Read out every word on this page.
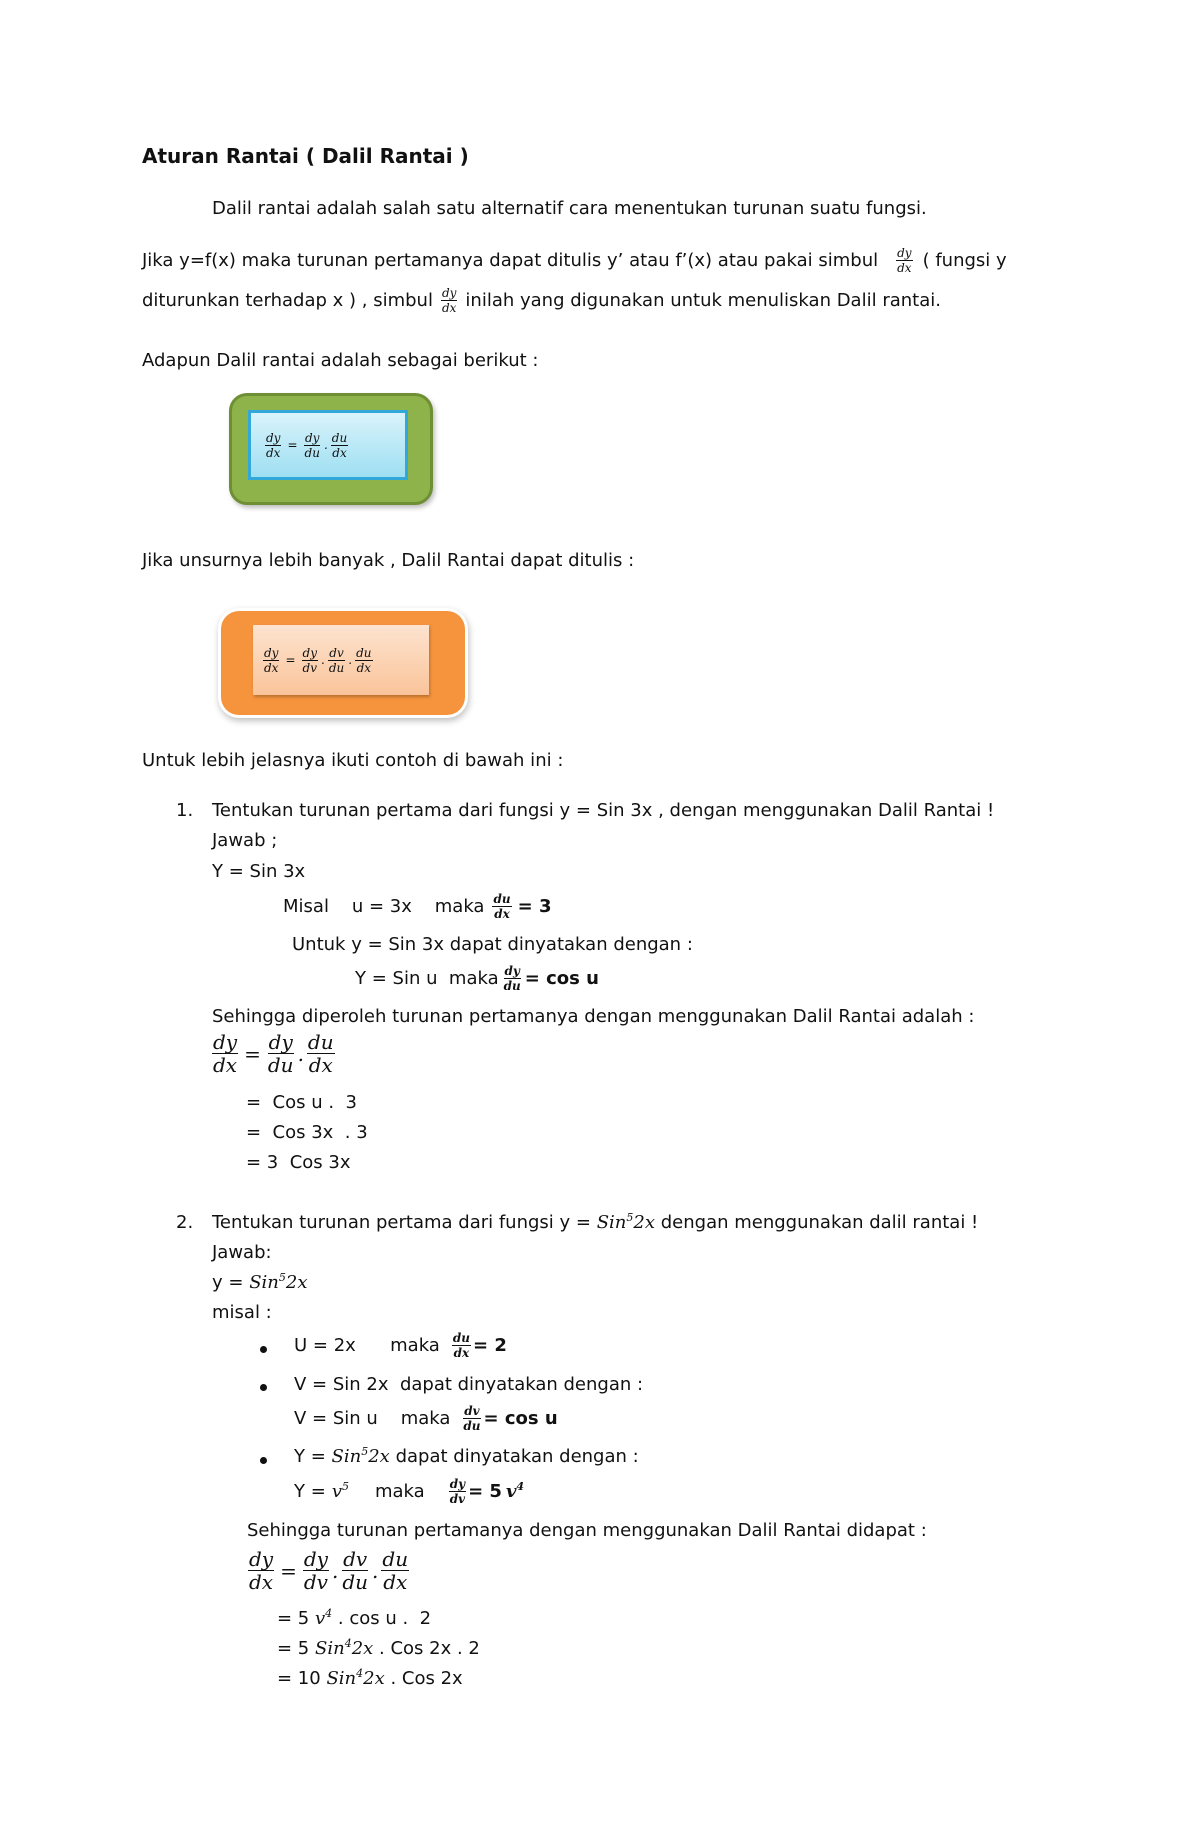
Aturan Rantai ( Dalil Rantai )
Dalil rantai adalah salah satu alternatif cara menentukan turunan suatu fungsi.
Jika y=f(x) maka turunan pertamanya dapat ditulis y’ atau f’(x) atau pakai simbul $\frac{dy}{dx}$ ( fungsi y
diturunkan terhadap x ) , simbul $\frac{dy}{dx}$ inilah yang digunakan untuk menuliskan Dalil rantai.
Adapun Dalil rantai adalah sebagai berikut :
$\frac{dy}{dx} = \frac{dy}{du}$ . $\frac{du}{dx}$
Jika unsurnya lebih banyak , Dalil Rantai dapat ditulis :
$\frac{dy}{dx} = \frac{dy}{dv}$ . $\frac{dv}{du}$ . $\frac{du}{dx}$
Untuk lebih jelasnya ikuti contoh di bawah ini :
1. Tentukan turunan pertama dari fungsi y = Sin 3x , dengan menggunakan Dalil Rantai !
Jawab ;
Y = Sin 3x
Misal    u = 3x    maka $\frac{du}{dx} = 3$
Untuk y = Sin 3x dapat dinyatakan dengan :
Y = Sin u  maka $\frac{dy}{du} = \cos u$
Sehingga diperoleh turunan pertamanya dengan menggunakan Dalil Rantai adalah :
$\frac{dy}{dx} = \frac{dy}{du}$ . $\frac{du}{dx}$
=  Cos u .  3
=  Cos 3x  . 3
= 3  Cos 3x
2. Tentukan turunan pertama dari fungsi y = Sin$^5$2x dengan menggunakan dalil rantai !
Jawab:
y = Sin$^5$2x
misal :
U = 2x      maka $\frac{du}{dx} = 2$
V = Sin 2x  dapat dinyatakan dengan :
V = Sin u    maka $\frac{dv}{du} = \cos u$
Y = Sin$^5$2x dapat dinyatakan dengan :
$Y = v^5$ maka $\frac{dy}{dv} = 5$ $v^4$
Sehingga turunan pertamanya dengan menggunakan Dalil Rantai didapat :
$\frac{dy}{dx} = \frac{dy}{dv}$ . $\frac{dv}{du}$ . $\frac{du}{dx}$
= 5 $v^4$ . cos u .  2
= 5 Sin$^4$2x . Cos 2x . 2
= 10 Sin$^4$2x . Cos 2x
